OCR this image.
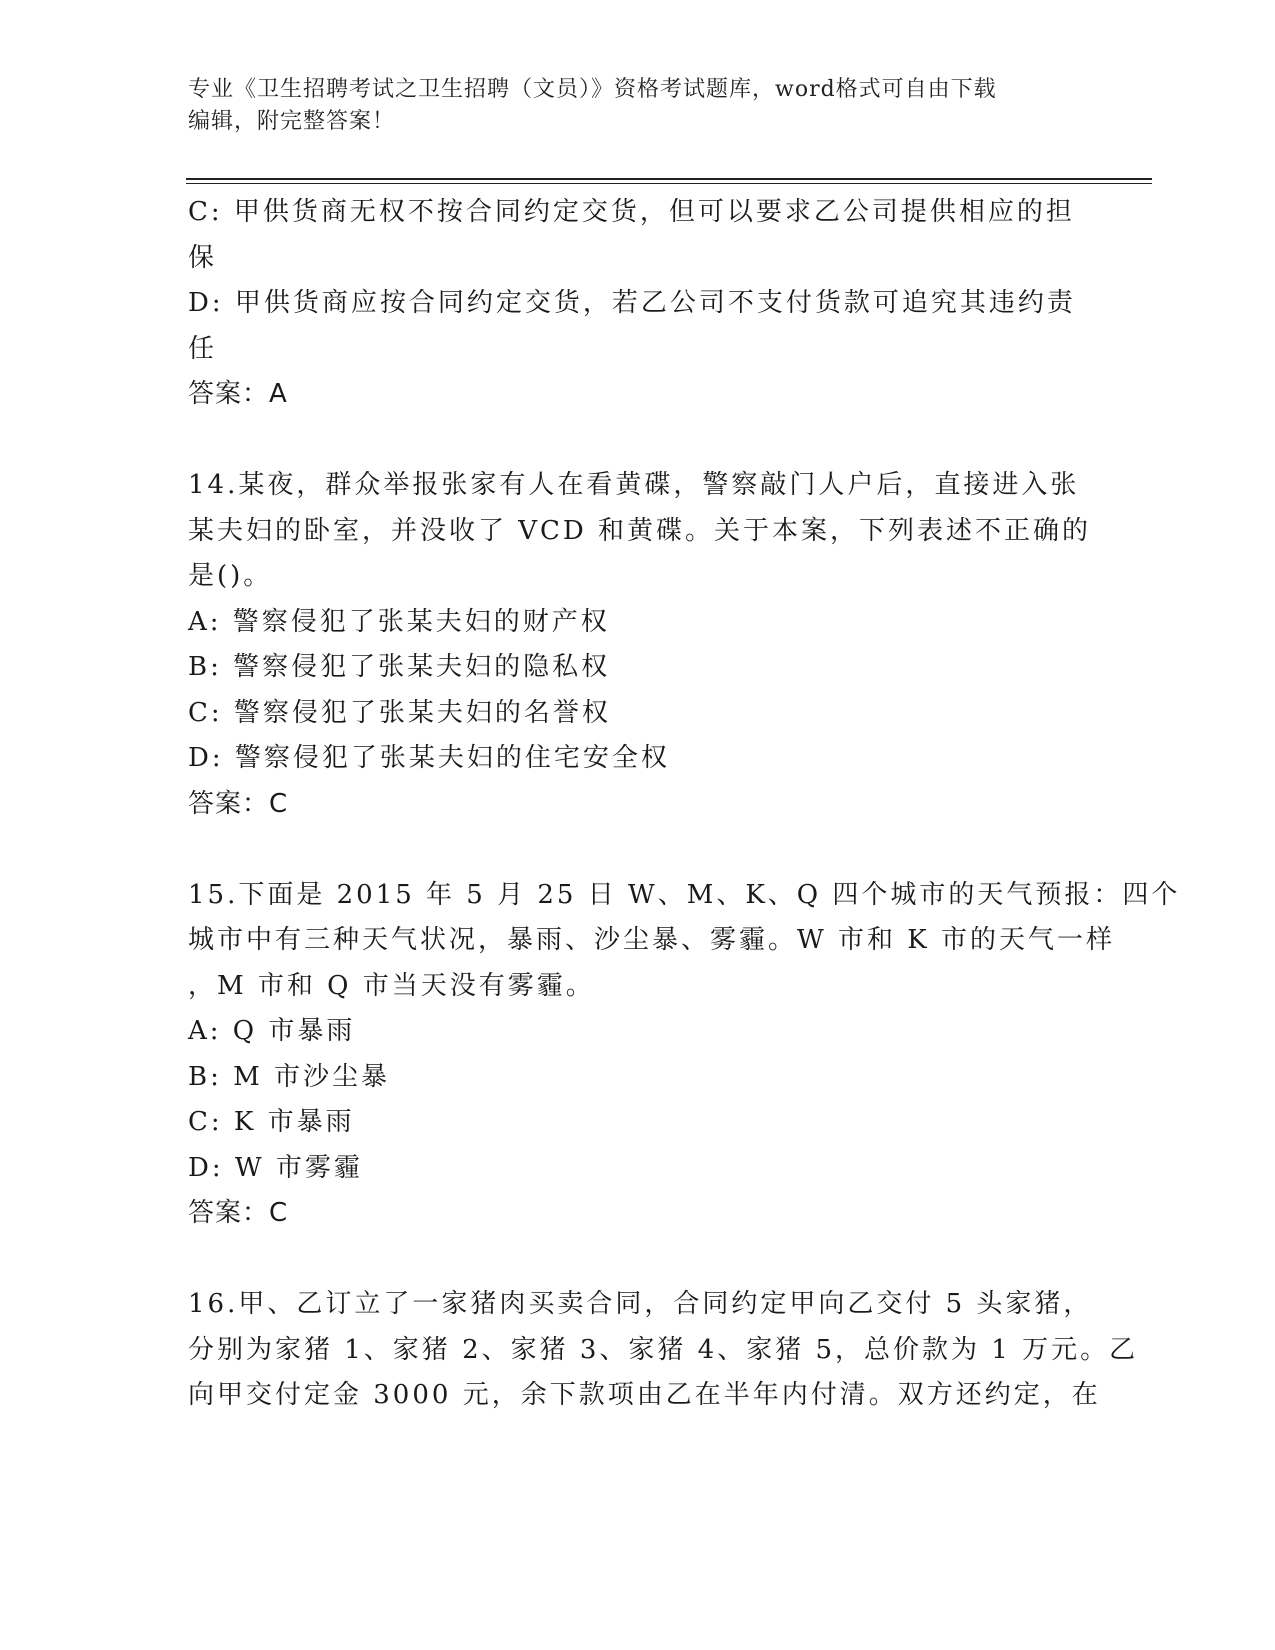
专业《卫生招聘考试之卫生招聘（文员）》资格考试题库，word格式可自由下载
编辑，附完整答案！
C: 甲供货商无权不按合同约定交货，但可以要求乙公司提供相应的担
保
D: 甲供货商应按合同约定交货，若乙公司不支付货款可追究其违约责
任
答案：A
14.某夜，群众举报张家有人在看黄碟，警察敲门人户后，直接进入张
某夫妇的卧室，并没收了 VCD 和黄碟。关于本案，下列表述不正确的
是()。
A: 警察侵犯了张某夫妇的财产权
B: 警察侵犯了张某夫妇的隐私权
C: 警察侵犯了张某夫妇的名誉权
D: 警察侵犯了张某夫妇的住宅安全权
答案：C
15.下面是 2015 年 5 月 25 日 W、M、K、Q 四个城市的天气预报：四个
城市中有三种天气状况，暴雨、沙尘暴、雾霾。W 市和 K 市的天气一样
，M 市和 Q 市当天没有雾霾。
A: Q 市暴雨
B: M 市沙尘暴
C: K 市暴雨
D: W 市雾霾
答案：C
16.甲、乙订立了一家猪肉买卖合同，合同约定甲向乙交付 5 头家猪，
分别为家猪 1、家猪 2、家猪 3、家猪 4、家猪 5，总价款为 1 万元。乙
向甲交付定金 3000 元，余下款项由乙在半年内付清。双方还约定，在
